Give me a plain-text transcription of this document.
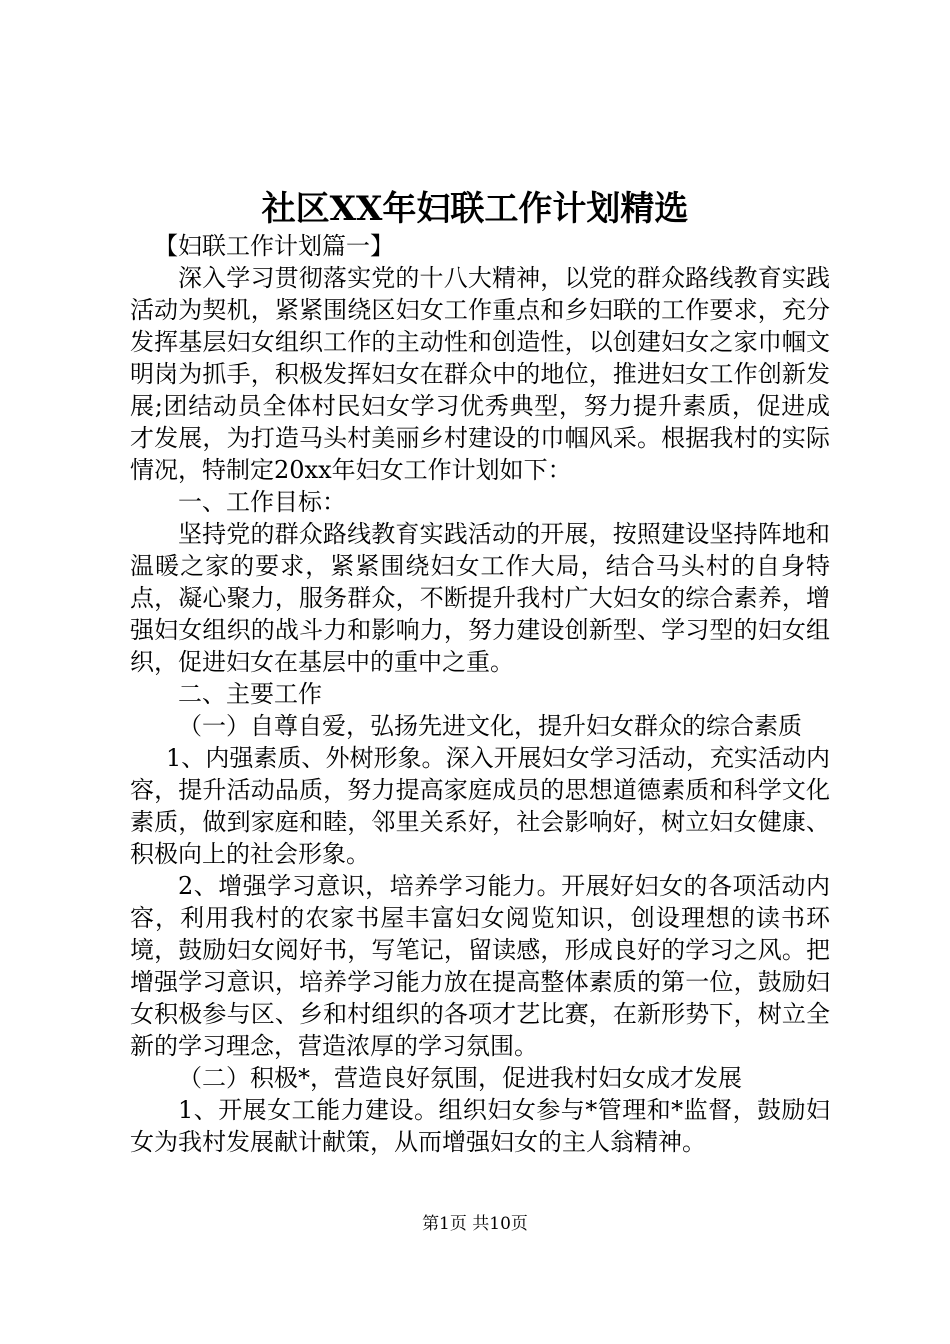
社区XX年妇联工作计划精选

【妇联工作计划篇一】

深入学习贯彻落实党的十八大精神，以党的群众路线教育实践活动为契机，紧紧围绕区妇女工作重点和乡妇联的工作要求，充分发挥基层妇女组织工作的主动性和创造性，以创建妇女之家巾帼文明岗为抓手，积极发挥妇女在群众中的地位，推进妇女工作创新发展;团结动员全体村民妇女学习优秀典型，努力提升素质，促进成才发展，为打造马头村美丽乡村建设的巾帼风采。根据我村的实际情况，特制定20xx年妇女工作计划如下：

一、工作目标：

坚持党的群众路线教育实践活动的开展，按照建设坚持阵地和温暖之家的要求，紧紧围绕妇女工作大局，结合马头村的自身特点，凝心聚力，服务群众，不断提升我村广大妇女的综合素养，增强妇女组织的战斗力和影响力，努力建设创新型、学习型的妇女组织，促进妇女在基层中的重中之重。

二、主要工作

（一）自尊自爱，弘扬先进文化，提升妇女群众的综合素质

1、内强素质、外树形象。深入开展妇女学习活动，充实活动内容，提升活动品质，努力提高家庭成员的思想道德素质和科学文化素质，做到家庭和睦，邻里关系好，社会影响好，树立妇女健康、积极向上的社会形象。

2、增强学习意识，培养学习能力。开展好妇女的各项活动内容，利用我村的农家书屋丰富妇女阅览知识，创设理想的读书环境，鼓励妇女阅好书，写笔记，留读感，形成良好的学习之风。把增强学习意识，培养学习能力放在提高整体素质的第一位，鼓励妇女积极参与区、乡和村组织的各项才艺比赛，在新形势下，树立全新的学习理念，营造浓厚的学习氛围。

（二）积极*，营造良好氛围，促进我村妇女成才发展

1、开展女工能力建设。组织妇女参与*管理和*监督，鼓励妇女为我村发展献计献策，从而增强妇女的主人翁精神。

第1页 共10页
